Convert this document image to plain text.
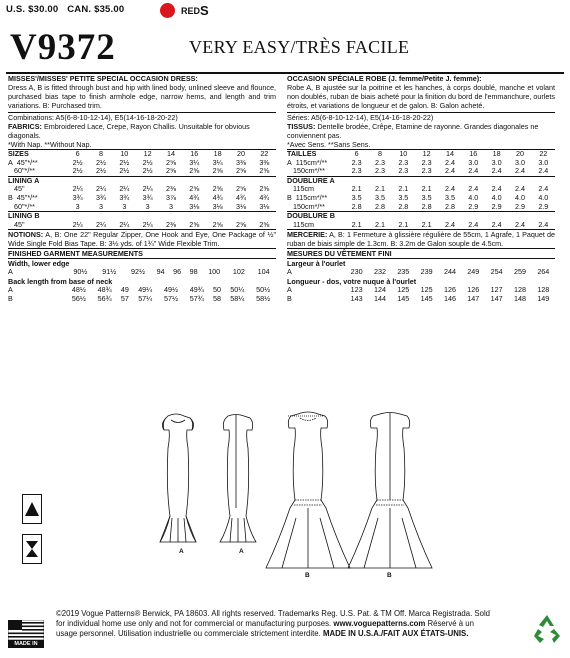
U.S. $30.00 CAN. $35.00	RED S
V9372	VERY EASY/TRÈS FACILE

MISSES'/MISSES' PETITE SPECIAL OCCASION DRESS:

Dress A, B is fitted through bust and hip with lined body, unlined sleeve and flounce, purchased bias tape to finish armhole edge, narrow hems, and length and trim variations. B: Purchased trim.

Combinations: A5(6-8-10-12-14), E5(14-16-18-20-22)

FABRICS: Embroidered Lace, Crepe, Rayon Challis. Unsuitable for obvious diagonals.

*With Nap. **Without Nap.

SIZES	6	8	10	12	14	16	18	20	22
A  45"*/**	2½	2½	2½	2½	2⅝	3¼	3¼	3⅜	3⅜
60"*/**	2½	2½	2½	2½	2⅝	2⅝	2⅝	2⅝	2⅝
LINING A									
45"	2¼	2¼	2¼	2¼	2⅜	2⅝	2⅝	2⅝	2⅝
B  45"*/**	3¾	3¾	3¾	3¾	3⅞	4¾	4¾	4¾	4¾
60"*/**	3	3	3	3	3	3⅛	3⅛	3⅛	3⅛
LINING B									
45"	2¼	2¼	2¼	2¼	2⅜	2⅝	2⅝	2⅝	2⅝

NOTIONS: A, B: One 22" Regular Zipper, One Hook and Eye, One Package of ½" Wide Single Fold Bias Tape. B: 3½ yds. of 1¾" Wide Flexible Trim.

FINISHED GARMENT MEASUREMENTS

Width, lower edge

A	90½	91½	92½	94	96	98	100	102	104

Back length from base of neck

A	48½	48¾	49	49¼	49½	49¾	50	50¼	50½
B	56½	56¾	57	57¼	57½	57¾	58	58¼	58½

OCCASION SPÉCIALE ROBE (J. femme/Petite J. femme):

Robe A, B ajustée sur la poitrine et les hanches, à corps doublé, manche et volant non doublés, ruban de biais acheté pour la finition du bord de l'emmanchure, ourlets étroits, et variations de longueur et de galon. B: Galon acheté.

Séries: A5(6-8-10-12-14), E5(14-16-18-20-22)

TISSUS: Dentelle brodée, Crêpe, Etamine de rayonne. Grandes diagonales ne conviennent pas.

*Avec Sens. **Sans Sens.

TAILLES	6	8	10	12	14	16	18	20	22
A  115cm*/**	2.3	2.3	2.3	2.3	2.4	3.0	3.0	3.0	3.0
150cm*/**	2.3	2.3	2.3	2.3	2.4	2.4	2.4	2.4	2.4
DOUBLURE A									
115cm	2.1	2.1	2.1	2.1	2.4	2.4	2.4	2.4	2.4
B  115cm*/**	3.5	3.5	3.5	3.5	3.5	4.0	4.0	4.0	4.0
150cm*/**	2.8	2.8	2.8	2.8	2.8	2.9	2.9	2.9	2.9
DOUBLURE B									
115cm	2.1	2.1	2.1	2.1	2.4	2.4	2.4	2.4	2.4

MERCERIE: A, B: 1 Fermeture à glissière régulière de 55cm, 1 Agrafe, 1 Paquet de ruban de biais simple de 1.3cm. B: 3.2m de Galon souple de 4.5cm.

MESURES DU VÊTEMENT FINI

Largeur à l'ourlet

A	230	232	235	239	244	249	254	259	264

Longueur - dos, votre nuque à l'ourlet

A	123	124	125	125	126	126	127	128	128
B	143	144	145	145	146	147	147	148	149
A	A
B	B
MADE IN USA
©2019 Vogue Patterns® Berwick, PA 18603. All rights reserved. Trademarks Reg. U.S. Pat. & TM Off. Marca Registrada. Sold
for individual home use only and not for commercial or manufacturing purposes. www.voguepatterns.com Réservé à un
usage personnel. Utilisation industrielle ou commerciale strictement interdite. MADE IN U.S.A./FAIT AUX ÉTATS-UNIS.
